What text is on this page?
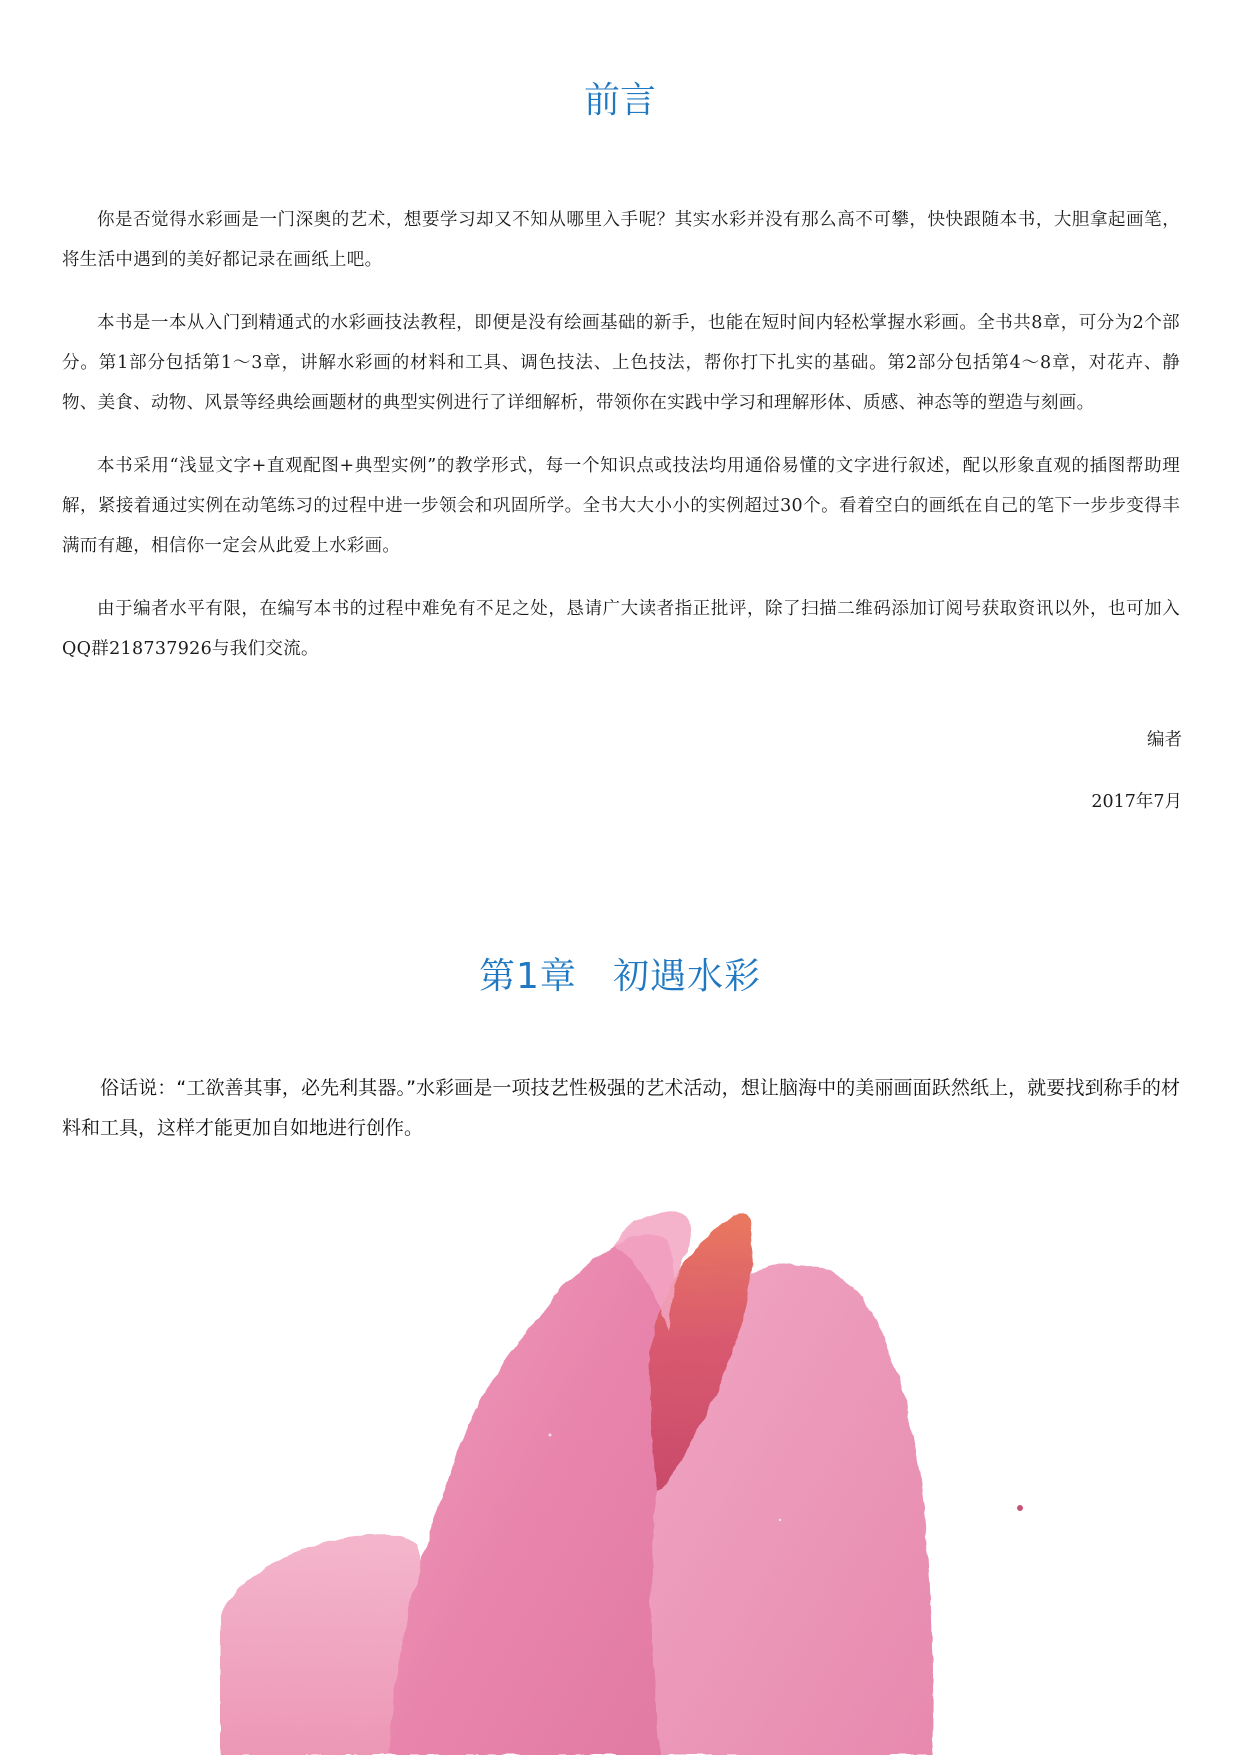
前言

你是否觉得水彩画是一门深奥的艺术，想要学习却又不知从哪里入手呢？其实水彩并没有那么高不可攀，快快跟随本书，大胆拿起画笔，将生活中遇到的美好都记录在画纸上吧。

本书是一本从入门到精通式的水彩画技法教程，即便是没有绘画基础的新手，也能在短时间内轻松掌握水彩画。全书共8章，可分为2个部分。第1部分包括第1～3章，讲解水彩画的材料和工具、调色技法、上色技法，帮你打下扎实的基础。第2部分包括第4～8章，对花卉、静物、美食、动物、风景等经典绘画题材的典型实例进行了详细解析，带领你在实践中学习和理解形体、质感、神态等的塑造与刻画。

本书采用“浅显文字+直观配图+典型实例”的教学形式，每一个知识点或技法均用通俗易懂的文字进行叙述，配以形象直观的插图帮助理解，紧接着通过实例在动笔练习的过程中进一步领会和巩固所学。全书大大小小的实例超过30个。看着空白的画纸在自己的笔下一步步变得丰满而有趣，相信你一定会从此爱上水彩画。

由于编者水平有限，在编写本书的过程中难免有不足之处，恳请广大读者指正批评，除了扫描二维码添加订阅号获取资讯以外，也可加入QQ群218737926与我们交流。

编者
2017年7月
第1章 初遇水彩

俗话说：“工欲善其事，必先利其器。”水彩画是一项技艺性极强的艺术活动，想让脑海中的美丽画面跃然纸上，就要找到称手的材料和工具，这样才能更加自如地进行创作。
